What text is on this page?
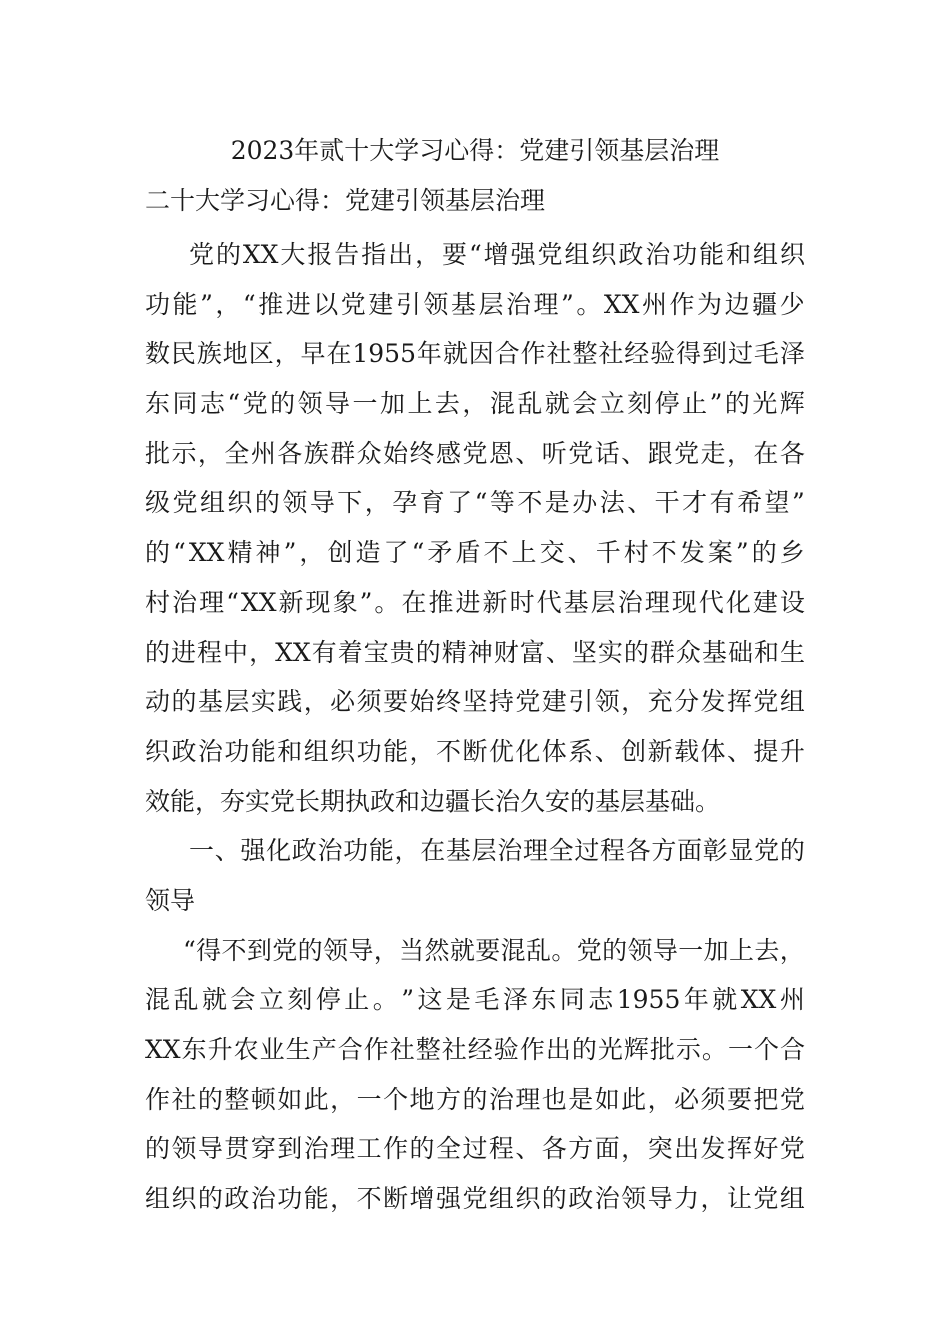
2023年贰十大学习心得：党建引领基层治理
二十大学习心得：党建引领基层治理
党 的 XX 大 报 告 指 出 ， 要 “ 增 强 党 组 织 政 治 功 能 和 组 织
功 能 ” ， “ 推 进 以 党 建 引 领 基 层 治 理 ” 。 XX 州 作 为 边 疆 少
数 民 族 地 区 ， 早 在 1955 年 就 因 合 作 社 整 社 经 验 得 到 过 毛 泽
东 同 志 “ 党 的 领 导 一 加 上 去 ， 混 乱 就 会 立 刻 停 止 ” 的 光 辉
批 示 ， 全 州 各 族 群 众 始 终 感 党 恩 、 听 党 话 、 跟 党 走 ， 在 各
级 党 组 织 的 领 导 下 ， 孕 育 了 “ 等 不 是 办 法 、 干 才 有 希 望 ”
的 “ XX 精 神 ” ， 创 造 了 “ 矛 盾 不 上 交 、 千 村 不 发 案 ” 的 乡
村 治 理 “ XX 新 现 象 ” 。 在 推 进 新 时 代 基 层 治 理 现 代 化 建 设
的 进 程 中 ， XX 有 着 宝 贵 的 精 神 财 富 、 坚 实 的 群 众 基 础 和 生
动 的 基 层 实 践 ， 必 须 要 始 终 坚 持 党 建 引 领 ， 充 分 发 挥 党 组
织 政 治 功 能 和 组 织 功 能 ， 不 断 优 化 体 系 、 创 新 载 体 、 提 升
效能，夯实党长期执政和边疆长治久安的基层基础。
一 、 强 化 政 治 功 能 ， 在 基 层 治 理 全 过 程 各 方 面 彰 显 党 的
领导
“ 得 不 到 党 的 领 导 ， 当 然 就 要 混 乱 。 党 的 领 导 一 加 上 去 ，
混 乱 就 会 立 刻 停 止 。 ” 这 是 毛 泽 东 同 志 1955 年 就 XX 州
XX 东 升 农 业 生 产 合 作 社 整 社 经 验 作 出 的 光 辉 批 示 。 一 个 合
作 社 的 整 顿 如 此 ， 一 个 地 方 的 治 理 也 是 如 此 ， 必 须 要 把 党
的 领 导 贯 穿 到 治 理 工 作 的 全 过 程 、 各 方 面 ， 突 出 发 挥 好 党
组 织 的 政 治 功 能 ， 不 断 增 强 党 组 织 的 政 治 领 导 力 ， 让 党 组
